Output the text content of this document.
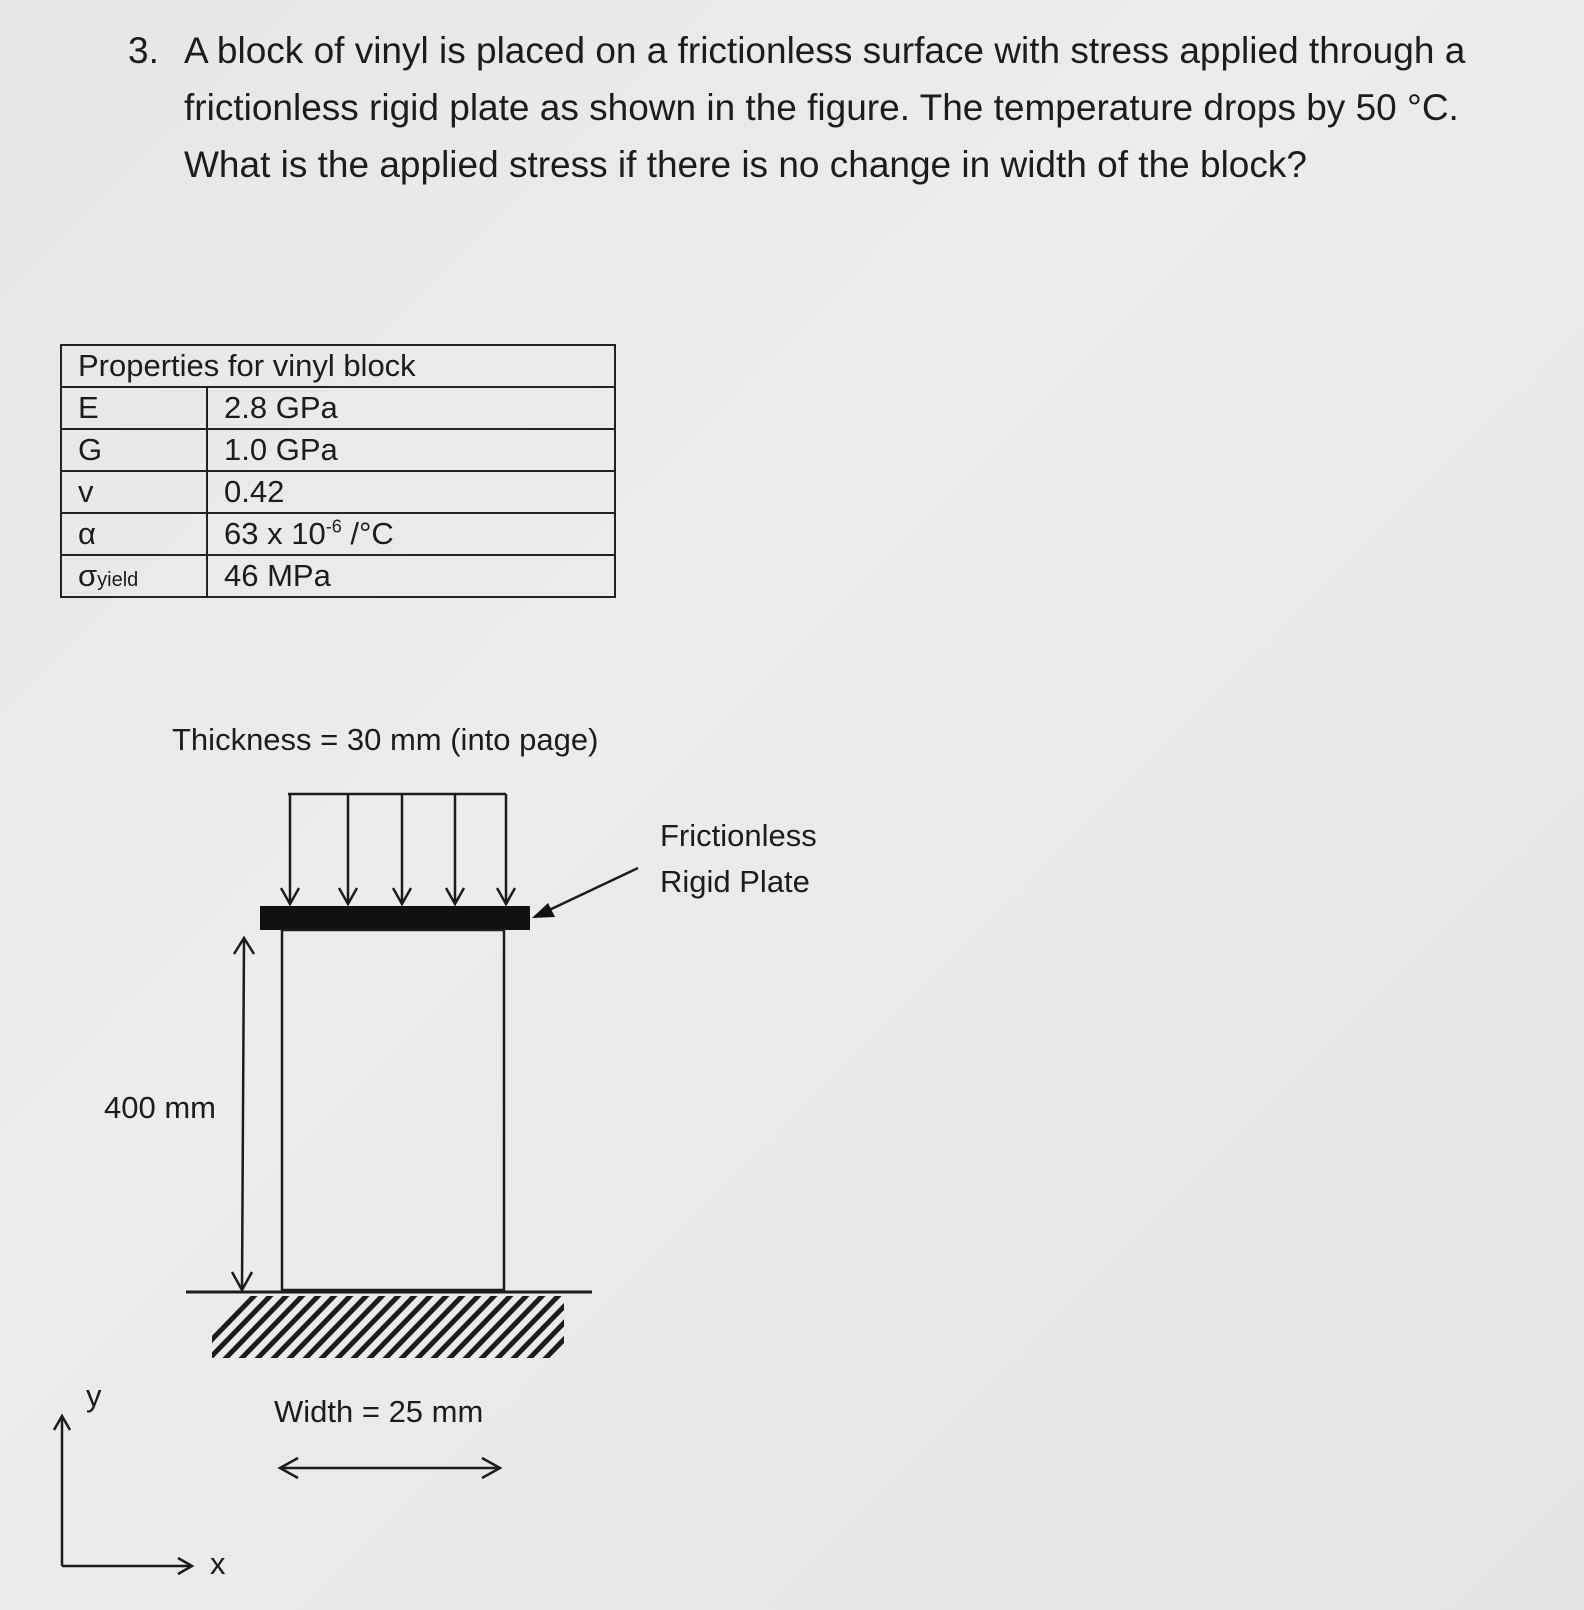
3. A block of vinyl is placed on a frictionless surface with stress applied through a frictionless rigid plate as shown in the figure. The temperature drops by 50 °C. What is the applied stress if there is no change in width of the block?
Properties for vinyl block	
E	2.8 GPa
G	1.0 GPa
v	0.42
α	63 x $10^{-6}$ /°C
σyield	46 MPa
Thickness = 30 mm (into page)
Frictionless
Rigid Plate
400 mm
Width = 25 mm
y
x
